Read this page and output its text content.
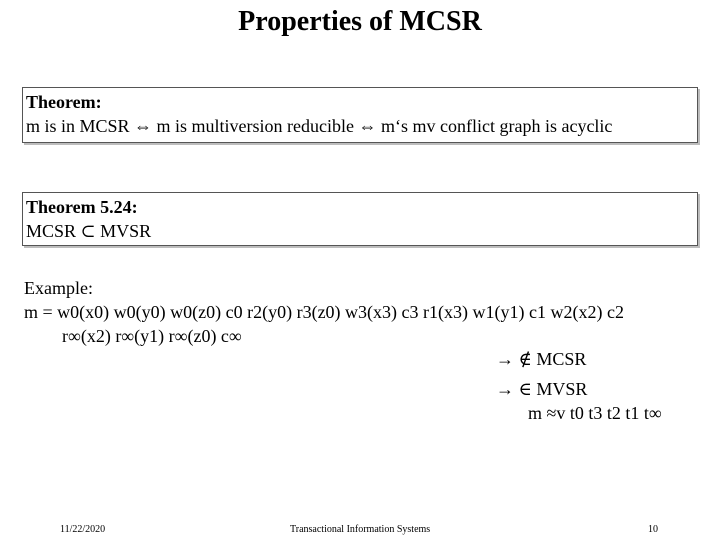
Properties of MCSR
Theorem:
m is in MCSR ⇔ m is multiversion reducible ⇔ m‘s mv conflict graph is acyclic
Theorem 5.24:
MCSR ⊂ MVSR
Example:
m = w0(x0) w0(y0) w0(z0) c0 r2(y0) r3(z0) w3(x3) c3 r1(x3) w1(y1) c1 w2(x2) c2
r∞(x2) r∞(y1) r∞(z0) c∞
→ ∉ MCSR
→ ∈ MVSR
m ≈v t0 t3 t2 t1 t∞
11/22/2020	Transactional Information Systems	10
